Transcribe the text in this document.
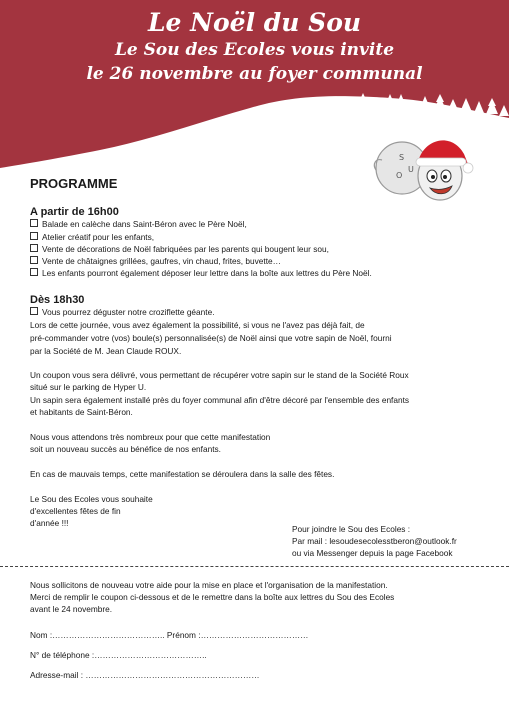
Le Noël du Sou
Le Sou des Ecoles vous invite
le 26 novembre au foyer communal
S
O
U
PROGRAMME
A partir de 16h00
Balade en calèche dans Saint-Béron avec le Père Noël,
Atelier créatif pour les enfants,
Vente de décorations de Noël fabriquées par les parents qui bougent leur sou,
Vente de châtaignes grillées, gaufres, vin chaud, frites, buvette…
Les enfants pourront également déposer leur lettre dans la boîte aux lettres du Père Noël.
Dès 18h30
Vous pourrez déguster notre croziflette géante.
Lors de cette journée, vous avez également la possibilité, si vous ne l'avez pas déjà fait, de
pré-commander votre (vos) boule(s) personnalisée(s) de Noël ainsi que votre sapin de Noël, fourni
par la Société de M. Jean Claude ROUX.
Un coupon vous sera délivré, vous permettant de récupérer votre sapin sur le stand de la Société Roux
situé sur le parking de Hyper U.
Un sapin sera également installé près du foyer communal afin d'être décoré par l'ensemble des enfants
et habitants de Saint-Béron.
Nous vous attendons très nombreux pour que cette manifestation
soit un nouveau succès au bénéfice de nos enfants.
En cas de mauvais temps, cette manifestation se déroulera dans la salle des fêtes.
Le Sou des Ecoles vous souhaite
d'excellentes fêtes de fin
d'année !!!
Pour joindre le Sou des Ecoles :
Par mail : lesoudesecolesstberon@outlook.fr
ou via Messenger depuis la page Facebook
Nous sollicitons de nouveau votre aide pour la mise en place et l'organisation de la manifestation.
Merci de remplir le coupon ci-dessous et de le remettre dans la boîte aux lettres du Sou des Ecoles
avant le 24 novembre.
Nom :………………………………….. Prénom :…………………………………
N° de téléphone :…………………………………..
Adresse-mail : ………………………………………………………
